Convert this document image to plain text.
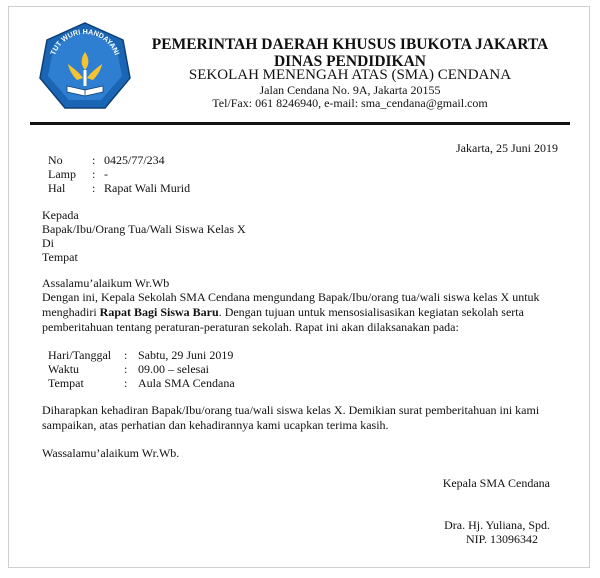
TUT WURI HANDAYANI
PEMERINTAH DAERAH KHUSUS IBUKOTA JAKARTA
DINAS PENDIDIKAN
SEKOLAH MENENGAH ATAS (SMA) CENDANA
Jalan Cendana No. 9A, Jakarta 20155
Tel/Fax: 061 8246940, e-mail: sma_cendana@gmail.com
Jakarta, 25 Juni 2019
No : 0425/77/234
Lamp : -
Hal : Rapat Wali Murid
Kepada
Bapak/Ibu/Orang Tua/Wali Siswa Kelas X
Di
Tempat
Assalamu’alaikum Wr.Wb
Dengan ini, Kepala Sekolah SMA Cendana mengundang Bapak/Ibu/orang tua/wali siswa kelas X untuk menghadiri Rapat Bagi Siswa Baru. Dengan tujuan untuk mensosialisasikan kegiatan sekolah serta pemberitahuan tentang peraturan-peraturan sekolah. Rapat ini akan dilaksanakan pada:
Hari/Tanggal : Sabtu, 29 Juni 2019
Waktu	: 09.00 – selesai
Tempat	: Aula SMA Cendana
Diharapkan kehadiran Bapak/Ibu/orang tua/wali siswa kelas X. Demikian surat pemberitahuan ini kami sampaikan, atas perhatian dan kehadirannya kami ucapkan terima kasih.
Wassalamu’alaikum Wr.Wb.
Kepala SMA Cendana
Dra. Hj. Yuliana, Spd.
NIP. 13096342
